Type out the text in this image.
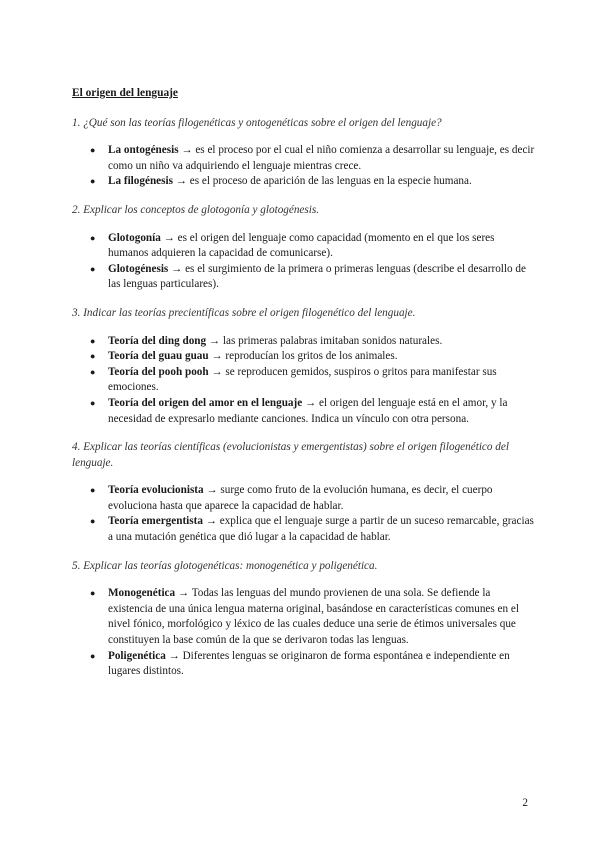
El origen del lenguaje
1. ¿Qué son las teorías filogenéticas y ontogenéticas sobre el origen del lenguaje?
● La ontogénesis → es el proceso por el cual el niño comienza a desarrollar su lenguaje, es decir como un niño va adquiriendo el lenguaje mientras crece.
● La filogénesis → es el proceso de aparición de las lenguas en la especie humana.
2. Explicar los conceptos de glotogonía y glotogénesis.
● Glotogonía → es el origen del lenguaje como capacidad (momento en el que los seres humanos adquieren la capacidad de comunicarse).
● Glotogénesis → es el surgimiento de la primera o primeras lenguas (describe el desarrollo de las lenguas particulares).
3. Indicar las teorías precientíficas sobre el origen filogenético del lenguaje.
● Teoría del ding dong → las primeras palabras imitaban sonidos naturales.
● Teoría del guau guau → reproducían los gritos de los animales.
● Teoría del pooh pooh → se reproducen gemidos, suspiros o gritos para manifestar sus emociones.
● Teoría del origen del amor en el lenguaje → el origen del lenguaje está en el amor, y la necesidad de expresarlo mediante canciones. Indica un vínculo con otra persona.
4. Explicar las teorías científicas (evolucionistas y emergentistas) sobre el origen filogenético del lenguaje.
● Teoría evolucionista → surge como fruto de la evolución humana, es decir, el cuerpo evoluciona hasta que aparece la capacidad de hablar.
● Teoría emergentista → explica que el lenguaje surge a partir de un suceso remarcable, gracias a una mutación genética que dió lugar a la capacidad de hablar.
5. Explicar las teorías glotogenéticas: monogenética y poligenética.
● Monogenética → Todas las lenguas del mundo provienen de una sola. Se defiende la existencia de una única lengua materna original, basándose en características comunes en el nivel fónico, morfológico y léxico de las cuales deduce una serie de étimos universales que constituyen la base común de la que se derivaron todas las lenguas.
● Poligenética → Diferentes lenguas se originaron de forma espontánea e independiente en lugares distintos.
2
